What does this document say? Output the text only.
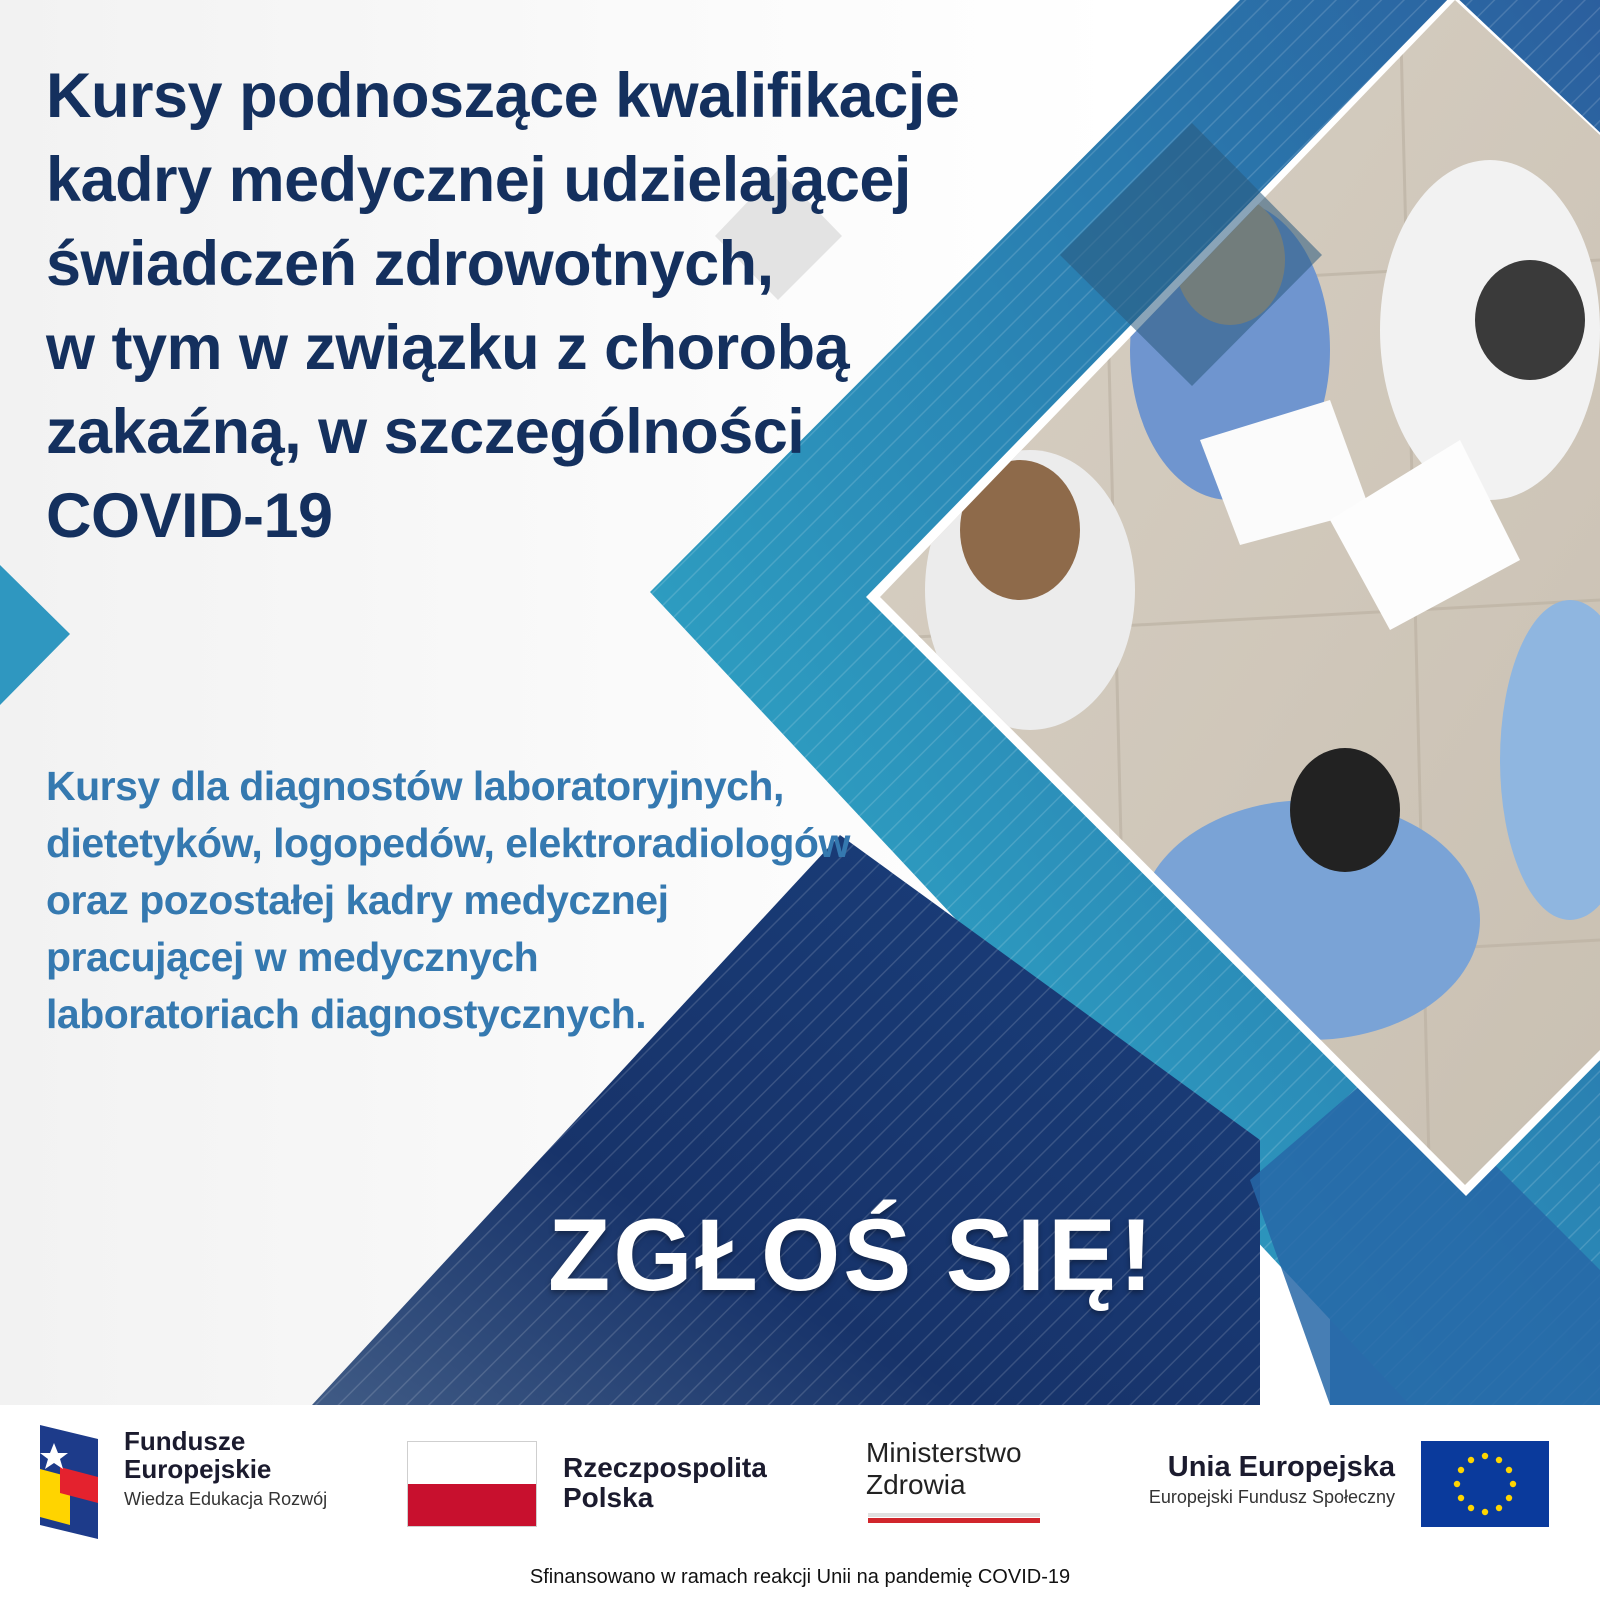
Kursy podnoszące kwalifikacje
kadry medycznej udzielającej
świadczeń zdrowotnych,
w tym w związku z chorobą
zakaźną, w szczególności
COVID-19

Kursy dla diagnostów laboratoryjnych,
dietetyków, logopedów, elektroradiologów
oraz pozostałej kadry medycznej
pracującej w medycznych
laboratoriach diagnostycznych.

ZGŁOŚ SIĘ!

Fundusze
Europejskie
Wiedza Edukacja Rozwój
Rzeczpospolita
Polska
Ministerstwo
Zdrowia
Unia Europejska
Europejski Fundusz Społeczny

Sfinansowano w ramach reakcji Unii na pandemię COVID-19
